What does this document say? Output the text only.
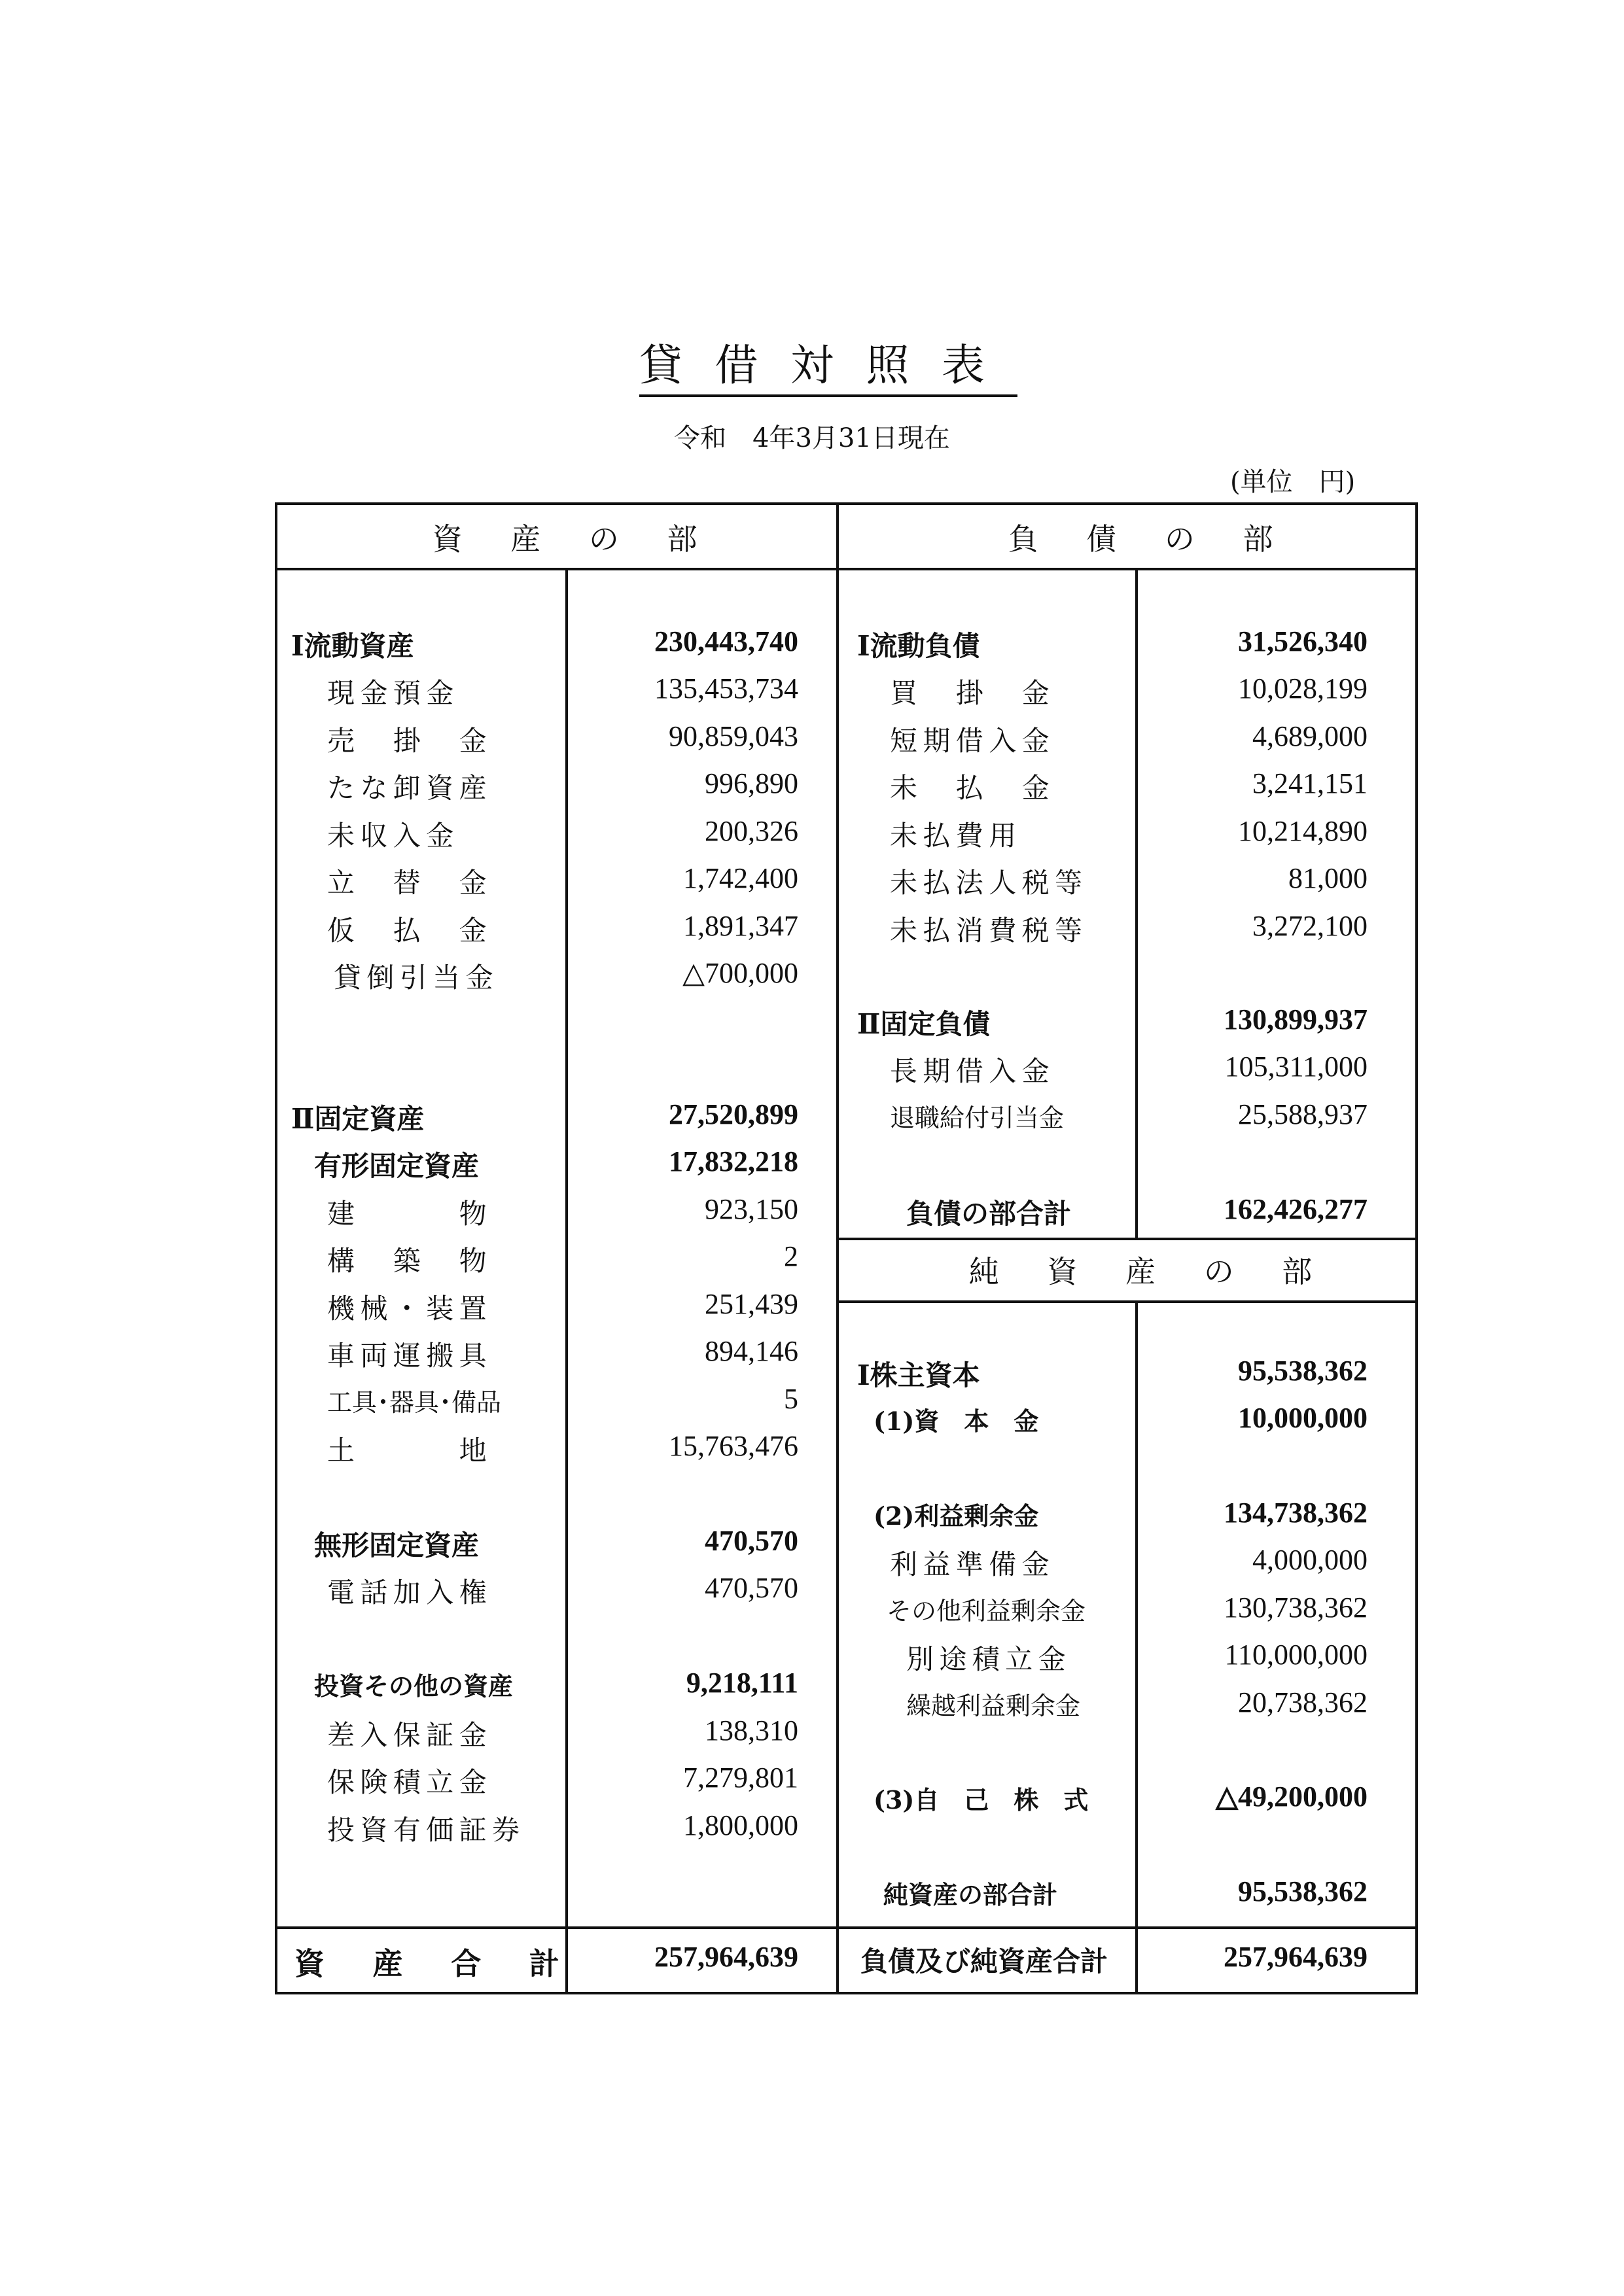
貸借対照表
令和　4年3月31日現在
(単位　円)
資　産　の　部	負　債　の　部
純　資　産　の　部
Ⅰ流動資産	230,443,740
現金預金	135,453,734
売　掛　金	90,859,043
たな卸資産	996,890
未収入金	200,326
立　替　金	1,742,400
仮　払　金	1,891,347
貸倒引当金	△700,000
Ⅱ固定資産	27,520,899
有形固定資産	17,832,218
建　　　物	923,150
構　築　物	2
機械・装置	251,439
車両運搬具	894,146
工具･器具･備品	5
土　　　地	15,763,476
無形固定資産	470,570
電話加入権	470,570
投資その他の資産	9,218,111
差入保証金	138,310
保険積立金	7,279,801
投資有価証券	1,800,000
Ⅰ流動負債	31,526,340
買　掛　金	10,028,199
短期借入金	4,689,000
未　払　金	3,241,151
未払費用	10,214,890
未払法人税等	81,000
未払消費税等	3,272,100
Ⅱ固定負債	130,899,937
長期借入金	105,311,000
退職給付引当金	25,588,937
負債の部合計	162,426,277
Ⅰ株主資本	95,538,362
(1)資　本　金	10,000,000
(2)利益剰余金	134,738,362
利益準備金	4,000,000
その他利益剰余金	130,738,362
別途積立金	110,000,000
繰越利益剰余金	20,738,362
(3)自　己　株　式	△49,200,000
純資産の部合計	95,538,362
資　産　合　計	257,964,639 負債及び純資産合計	257,964,639
